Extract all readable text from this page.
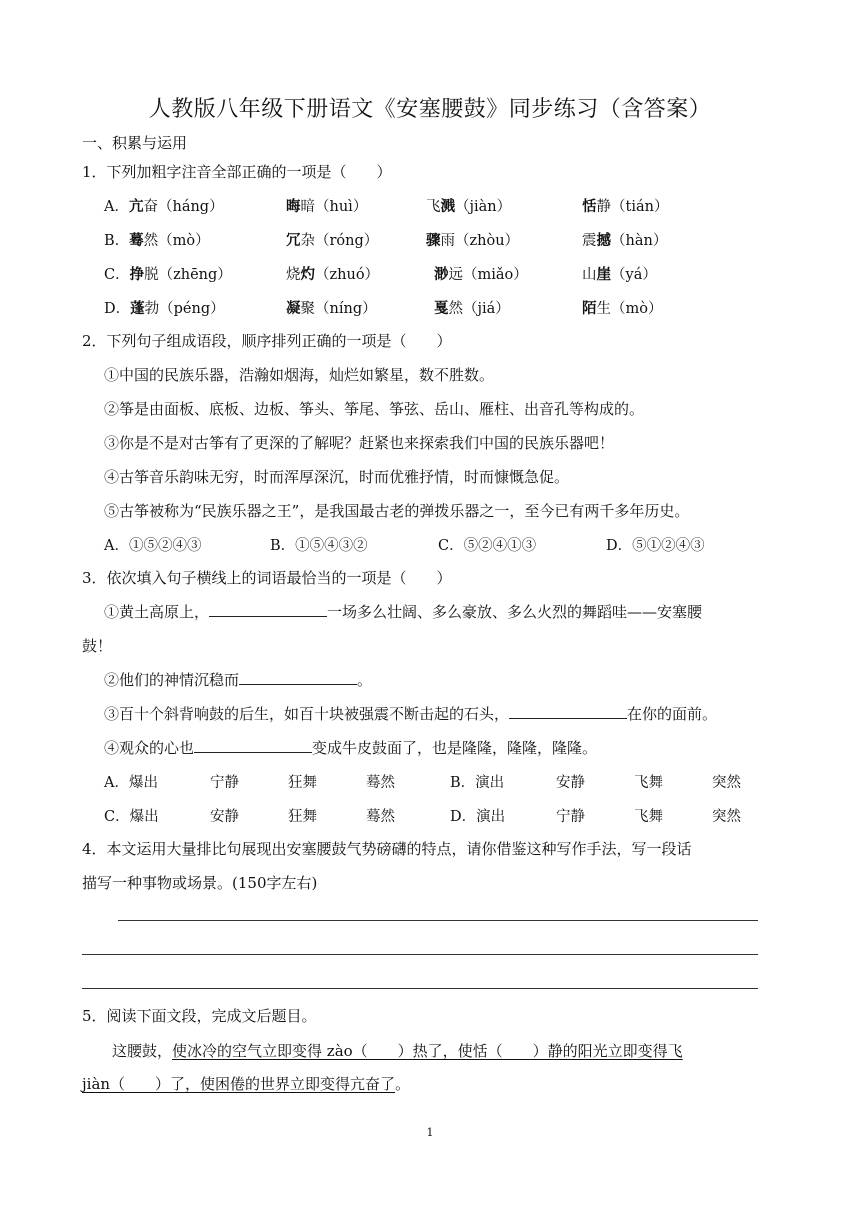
人教版八年级下册语文《安塞腰鼓》同步练习（含答案）
一、积累与运用
1．下列加粗字注音全部正确的一项是（　　）
A．亢奋（háng）	晦暗（huì）	飞溅（jiàn）	恬静（tián）
B．蓦然（mò）	冗杂（róng）	骤雨（zhòu）	震撼（hàn）
C．挣脱（zhēng）	烧灼（zhuó）	渺远（miǎo）	山崖（yá）
D．蓬勃（péng）	凝聚（níng）	戛然（jiá）	陌生（mò）
2．下列句子组成语段，顺序排列正确的一项是（　　）
①中国的民族乐器，浩瀚如烟海，灿烂如繁星，数不胜数。
②筝是由面板、底板、边板、筝头、筝尾、筝弦、岳山、雁柱、出音孔等构成的。
③你是不是对古筝有了更深的了解呢？赶紧也来探索我们中国的民族乐器吧！
④古筝音乐韵味无穷，时而浑厚深沉，时而优雅抒情，时而慷慨急促。
⑤古筝被称为“民族乐器之王”，是我国最古老的弹拨乐器之一，至今已有两千多年历史。
A．①⑤②④③	B．①⑤④③②	C．⑤②④①③	D．⑤①②④③
3．依次填入句子横线上的词语最恰当的一项是（　　）
①黄土高原上，	一场多么壮阔、多么豪放、多么火烈的舞蹈哇——安塞腰
鼓！
②他们的神情沉稳而	。
③百十个斜背响鼓的后生，如百十块被强震不断击起的石头，	在你的面前。
④观众的心也	变成牛皮鼓面了，也是隆隆，隆隆，隆隆。
A．爆出	宁静	狂舞	蓦然	B．演出	安静	飞舞	突然
C．爆出	安静	狂舞	蓦然	D．演出	宁静	飞舞	突然
4．本文运用大量排比句展现出安塞腰鼓气势磅礴的特点，请你借鉴这种写作手法，写一段话
描写一种事物或场景。(150字左右)
5．阅读下面文段，完成文后题目。
这腰鼓，使冰冷的空气立即变得 zào（　　）热了，使恬（　　）静的阳光立即变得飞
jiàn（　　）了，使困倦的世界立即变得亢奋了。
1
